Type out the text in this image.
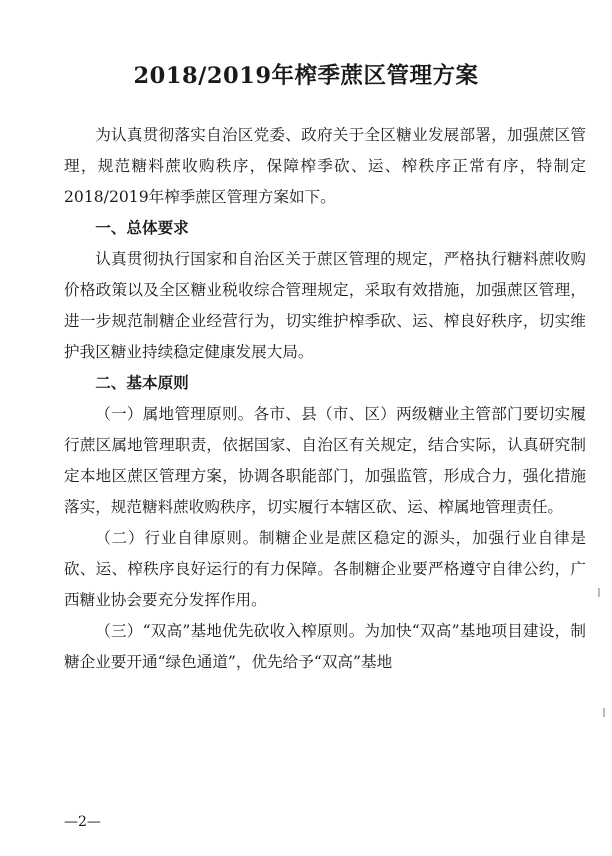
2018/2019年榨季蔗区管理方案

为认真贯彻落实自治区党委、政府关于全区糖业发展部署，加强蔗区管理，规范糖料蔗收购秩序，保障榨季砍、运、榨秩序正常有序，特制定2018/2019年榨季蔗区管理方案如下。

一、总体要求

认真贯彻执行国家和自治区关于蔗区管理的规定，严格执行糖料蔗收购价格政策以及全区糖业税收综合管理规定，采取有效措施，加强蔗区管理，进一步规范制糖企业经营行为，切实维护榨季砍、运、榨良好秩序，切实维护我区糖业持续稳定健康发展大局。

二、基本原则

（一）属地管理原则。各市、县（市、区）两级糖业主管部门要切实履行蔗区属地管理职责，依据国家、自治区有关规定，结合实际，认真研究制定本地区蔗区管理方案，协调各职能部门，加强监管，形成合力，强化措施落实，规范糖料蔗收购秩序，切实履行本辖区砍、运、榨属地管理责任。

（二）行业自律原则。制糖企业是蔗区稳定的源头，加强行业自律是砍、运、榨秩序良好运行的有力保障。各制糖企业要严格遵守自律公约，广西糖业协会要充分发挥作用。

（三）“双高”基地优先砍收入榨原则。为加快“双高”基地项目建设，制糖企业要开通“绿色通道”，优先给予“双高”基地

—2—
